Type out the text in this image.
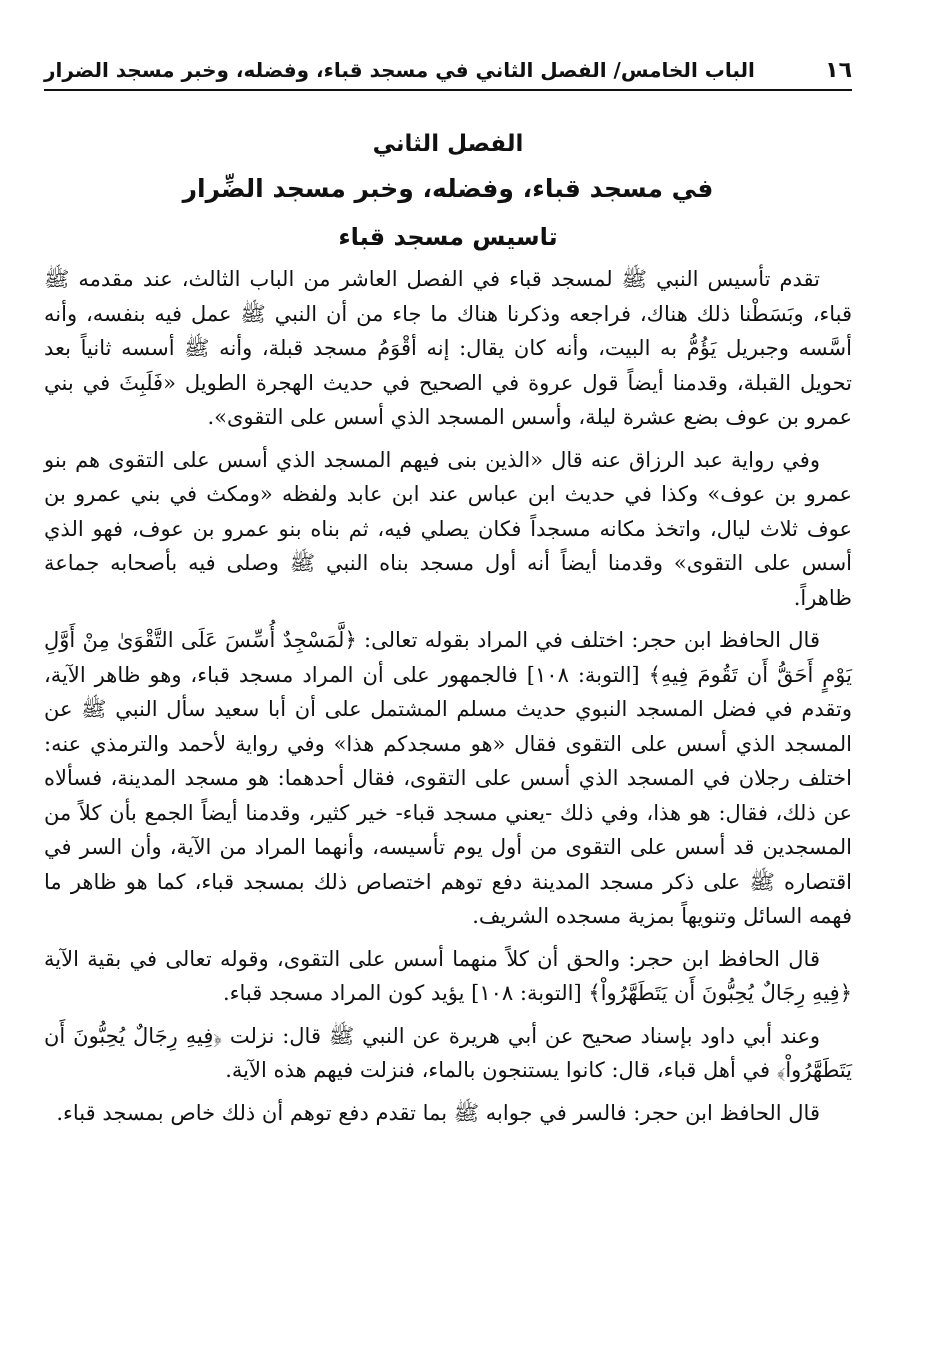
١٦
الباب الخامس/ الفصل الثاني في مسجد قباء، وفضله، وخبر مسجد الضرار
الفصل الثاني
في مسجد قباء، وفضله، وخبر مسجد الضِّرار
تاسيس مسجد قباء

تقدم تأسيس النبي ﷺ لمسجد قباء في الفصل العاشر من الباب الثالث، عند مقدمه ﷺ قباء، وبَسَطْنا ذلك هناك، فراجعه وذكرنا هناك ما جاء من أن النبي ﷺ عمل فيه بنفسه، وأنه أسَّسه وجبريل يَؤُمُّ به البيت، وأنه كان يقال: إنه أقْوَمُ مسجد قبلة، وأنه ﷺ أسسه ثانياً بعد تحويل القبلة، وقدمنا أيضاً قول عروة في الصحيح في حديث الهجرة الطويل «فَلَبِثَ في بني عمرو بن عوف بضع عشرة ليلة، وأسس المسجد الذي أسس على التقوى».

وفي رواية عبد الرزاق عنه قال «الذين بنى فيهم المسجد الذي أسس على التقوى هم بنو عمرو بن عوف» وكذا في حديث ابن عباس عند ابن عابد ولفظه «ومكث في بني عمرو بن عوف ثلاث ليال، واتخذ مكانه مسجداً فكان يصلي فيه، ثم بناه بنو عمرو بن عوف، فهو الذي أسس على التقوى» وقدمنا أيضاً أنه أول مسجد بناه النبي ﷺ وصلى فيه بأصحابه جماعة ظاهراً.

قال الحافظ ابن حجر: اختلف في المراد بقوله تعالى: ﴿لَّمَسْجِدٌ أُسِّسَ عَلَى التَّقْوَىٰ مِنْ أَوَّلِ يَوْمٍ أَحَقُّ أَن تَقُومَ فِيهِ﴾ [التوبة: ١٠٨] فالجمهور على أن المراد مسجد قباء، وهو ظاهر الآية، وتقدم في فضل المسجد النبوي حديث مسلم المشتمل على أن أبا سعيد سأل النبي ﷺ عن المسجد الذي أسس على التقوى فقال «هو مسجدكم هذا» وفي رواية لأحمد والترمذي عنه: اختلف رجلان في المسجد الذي أسس على التقوى، فقال أحدهما: هو مسجد المدينة، فسألاه عن ذلك، فقال: هو هذا، وفي ذلك -يعني مسجد قباء- خير كثير، وقدمنا أيضاً الجمع بأن كلاً من المسجدين قد أسس على التقوى من أول يوم تأسيسه، وأنهما المراد من الآية، وأن السر في اقتصاره ﷺ على ذكر مسجد المدينة دفع توهم اختصاص ذلك بمسجد قباء، كما هو ظاهر ما فهمه السائل وتنويهاً بمزية مسجده الشريف.

قال الحافظ ابن حجر: والحق أن كلاً منهما أسس على التقوى، وقوله تعالى في بقية الآية ﴿فِيهِ رِجَالٌ يُحِبُّونَ أَن يَتَطَهَّرُواْ﴾ [التوبة: ١٠٨] يؤيد كون المراد مسجد قباء.

وعند أبي داود بإسناد صحيح عن أبي هريرة عن النبي ﷺ قال: نزلت ﴿فِيهِ رِجَالٌ يُحِبُّونَ أَن يَتَطَهَّرُواْ﴾ في أهل قباء، قال: كانوا يستنجون بالماء، فنزلت فيهم هذه الآية.

قال الحافظ ابن حجر: فالسر في جوابه ﷺ بما تقدم دفع توهم أن ذلك خاص بمسجد قباء.
